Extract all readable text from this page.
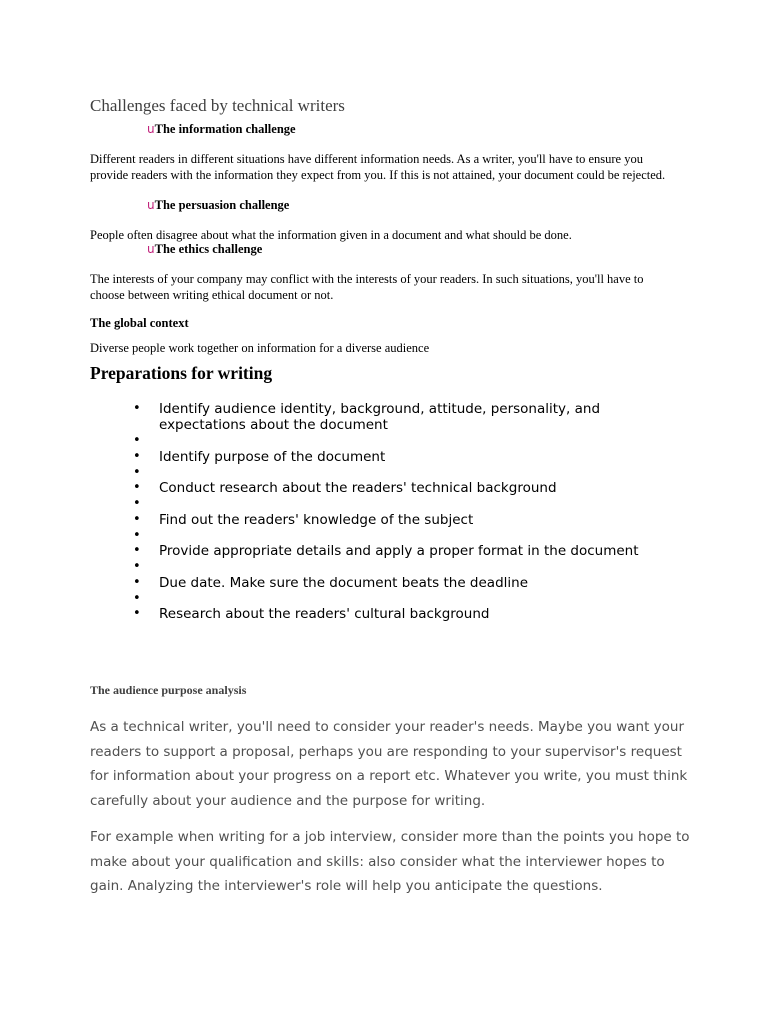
Challenges faced by technical writers
uThe information challenge
Different readers in different situations have different information needs. As a writer, you'll have to ensure you provide readers with the information they expect from you. If this is not attained, your document could be rejected.
uThe persuasion challenge
People often disagree about what the information given in a document and what should be done.
uThe ethics challenge
The interests of your company may conflict with the interests of your readers. In such situations, you'll have to choose between writing ethical document or not.
The global context
Diverse people work together on information for a diverse audience
Preparations for writing
• Identify audience identity, background, attitude, personality, and expectations about the document
•
• Identify purpose of the document
•
• Conduct research about the readers' technical background
•
• Find out the readers' knowledge of the subject
•
• Provide appropriate details and apply a proper format in the document
•
• Due date. Make sure the document beats the deadline
•
• Research about the readers' cultural background
The audience purpose analysis
As a technical writer, you'll need to consider your reader's needs. Maybe you want your readers to support a proposal, perhaps you are responding to your supervisor's request for information about your progress on a report etc. Whatever you write, you must think carefully about your audience and the purpose for writing.
For example when writing for a job interview, consider more than the points you hope to make about your qualification and skills: also consider what the interviewer hopes to gain. Analyzing the interviewer's role will help you anticipate the questions.
